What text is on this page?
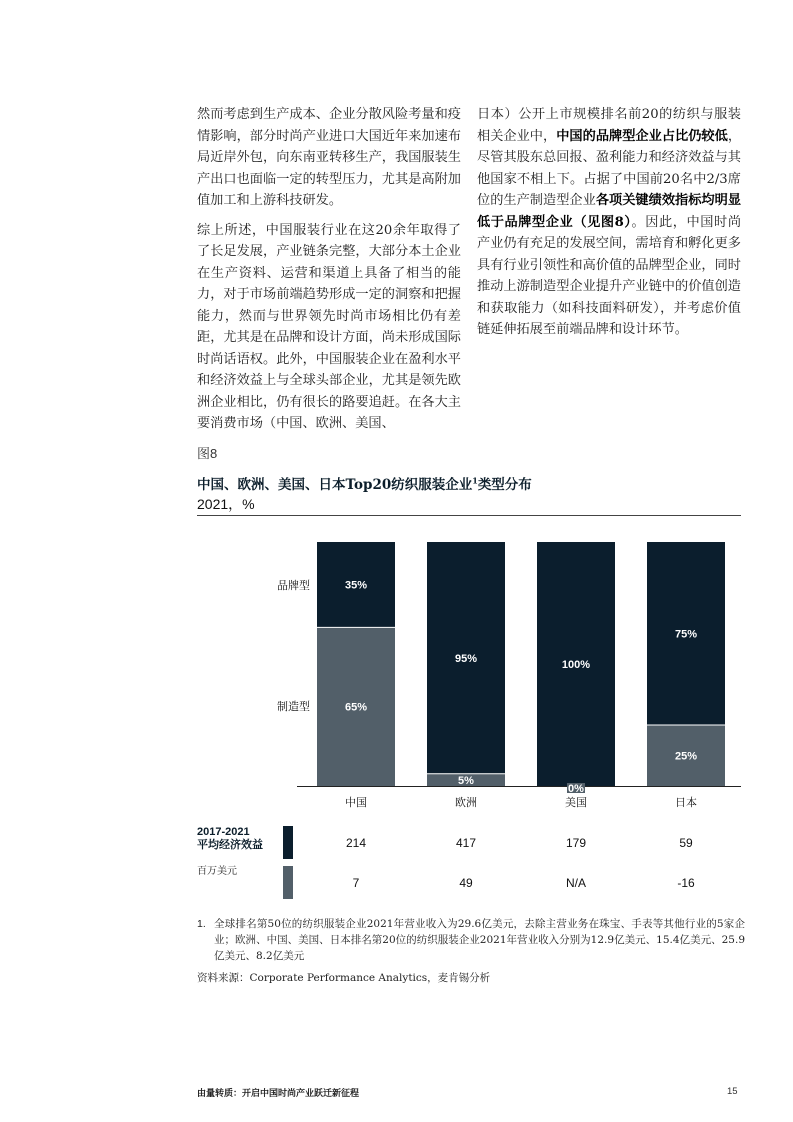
然而考虑到生产成本、企业分散风险考量和疫情影响，部分时尚产业进口大国近年来加速布局近岸外包，向东南亚转移生产，我国服装生产出口也面临一定的转型压力，尤其是高附加值加工和上游科技研发。

综上所述，中国服装行业在这20余年取得了了长足发展，产业链条完整，大部分本土企业在生产资料、运营和渠道上具备了相当的能力，对于市场前端趋势形成一定的洞察和把握能力，然而与世界领先时尚市场相比仍有差距，尤其是在品牌和设计方面，尚未形成国际时尚话语权。此外，中国服装企业在盈利水平和经济效益上与全球头部企业，尤其是领先欧洲企业相比，仍有很长的路要追赶。在各大主要消费市场（中国、欧洲、美国、

日本）公开上市规模排名前20的纺织与服装相关企业中，中国的品牌型企业占比仍较低，尽管其股东总回报、盈利能力和经济效益与其他国家不相上下。占据了中国前20名中2/3席位的生产制造型企业各项关键绩效指标均明显低于品牌型企业（见图8）。因此，中国时尚产业仍有充足的发展空间，需培育和孵化更多具有行业引领性和高价值的品牌型企业，同时推动上游制造型企业提升产业链中的价值创造和获取能力（如科技面料研发），并考虑价值链延伸拓展至前端品牌和设计环节。

图8
中国、欧洲、美国、日本Top20纺织服装企业$^1$类型分布
2021，%
35%
65%
中国
95%
5%
欧洲
100%
0%
美国
75%
25%
日本
品牌型
制造型
2017-2021
平均经济效益
百万美元
214	417	179	59
7	49	N/A	-16
1. 全球排名第50位的纺织服装企业2021年营业收入为29.6亿美元，去除主营业务在珠宝、手表等其他行业的5家企业；欧洲、中国、美国、日本排名第20位的纺织服装企业2021年营业收入分别为12.9亿美元、15.4亿美元、25.9亿美元、8.2亿美元
资料来源：Corporate Performance Analytics，麦肯锡分析
由量转质：开启中国时尚产业跃迁新征程	15
